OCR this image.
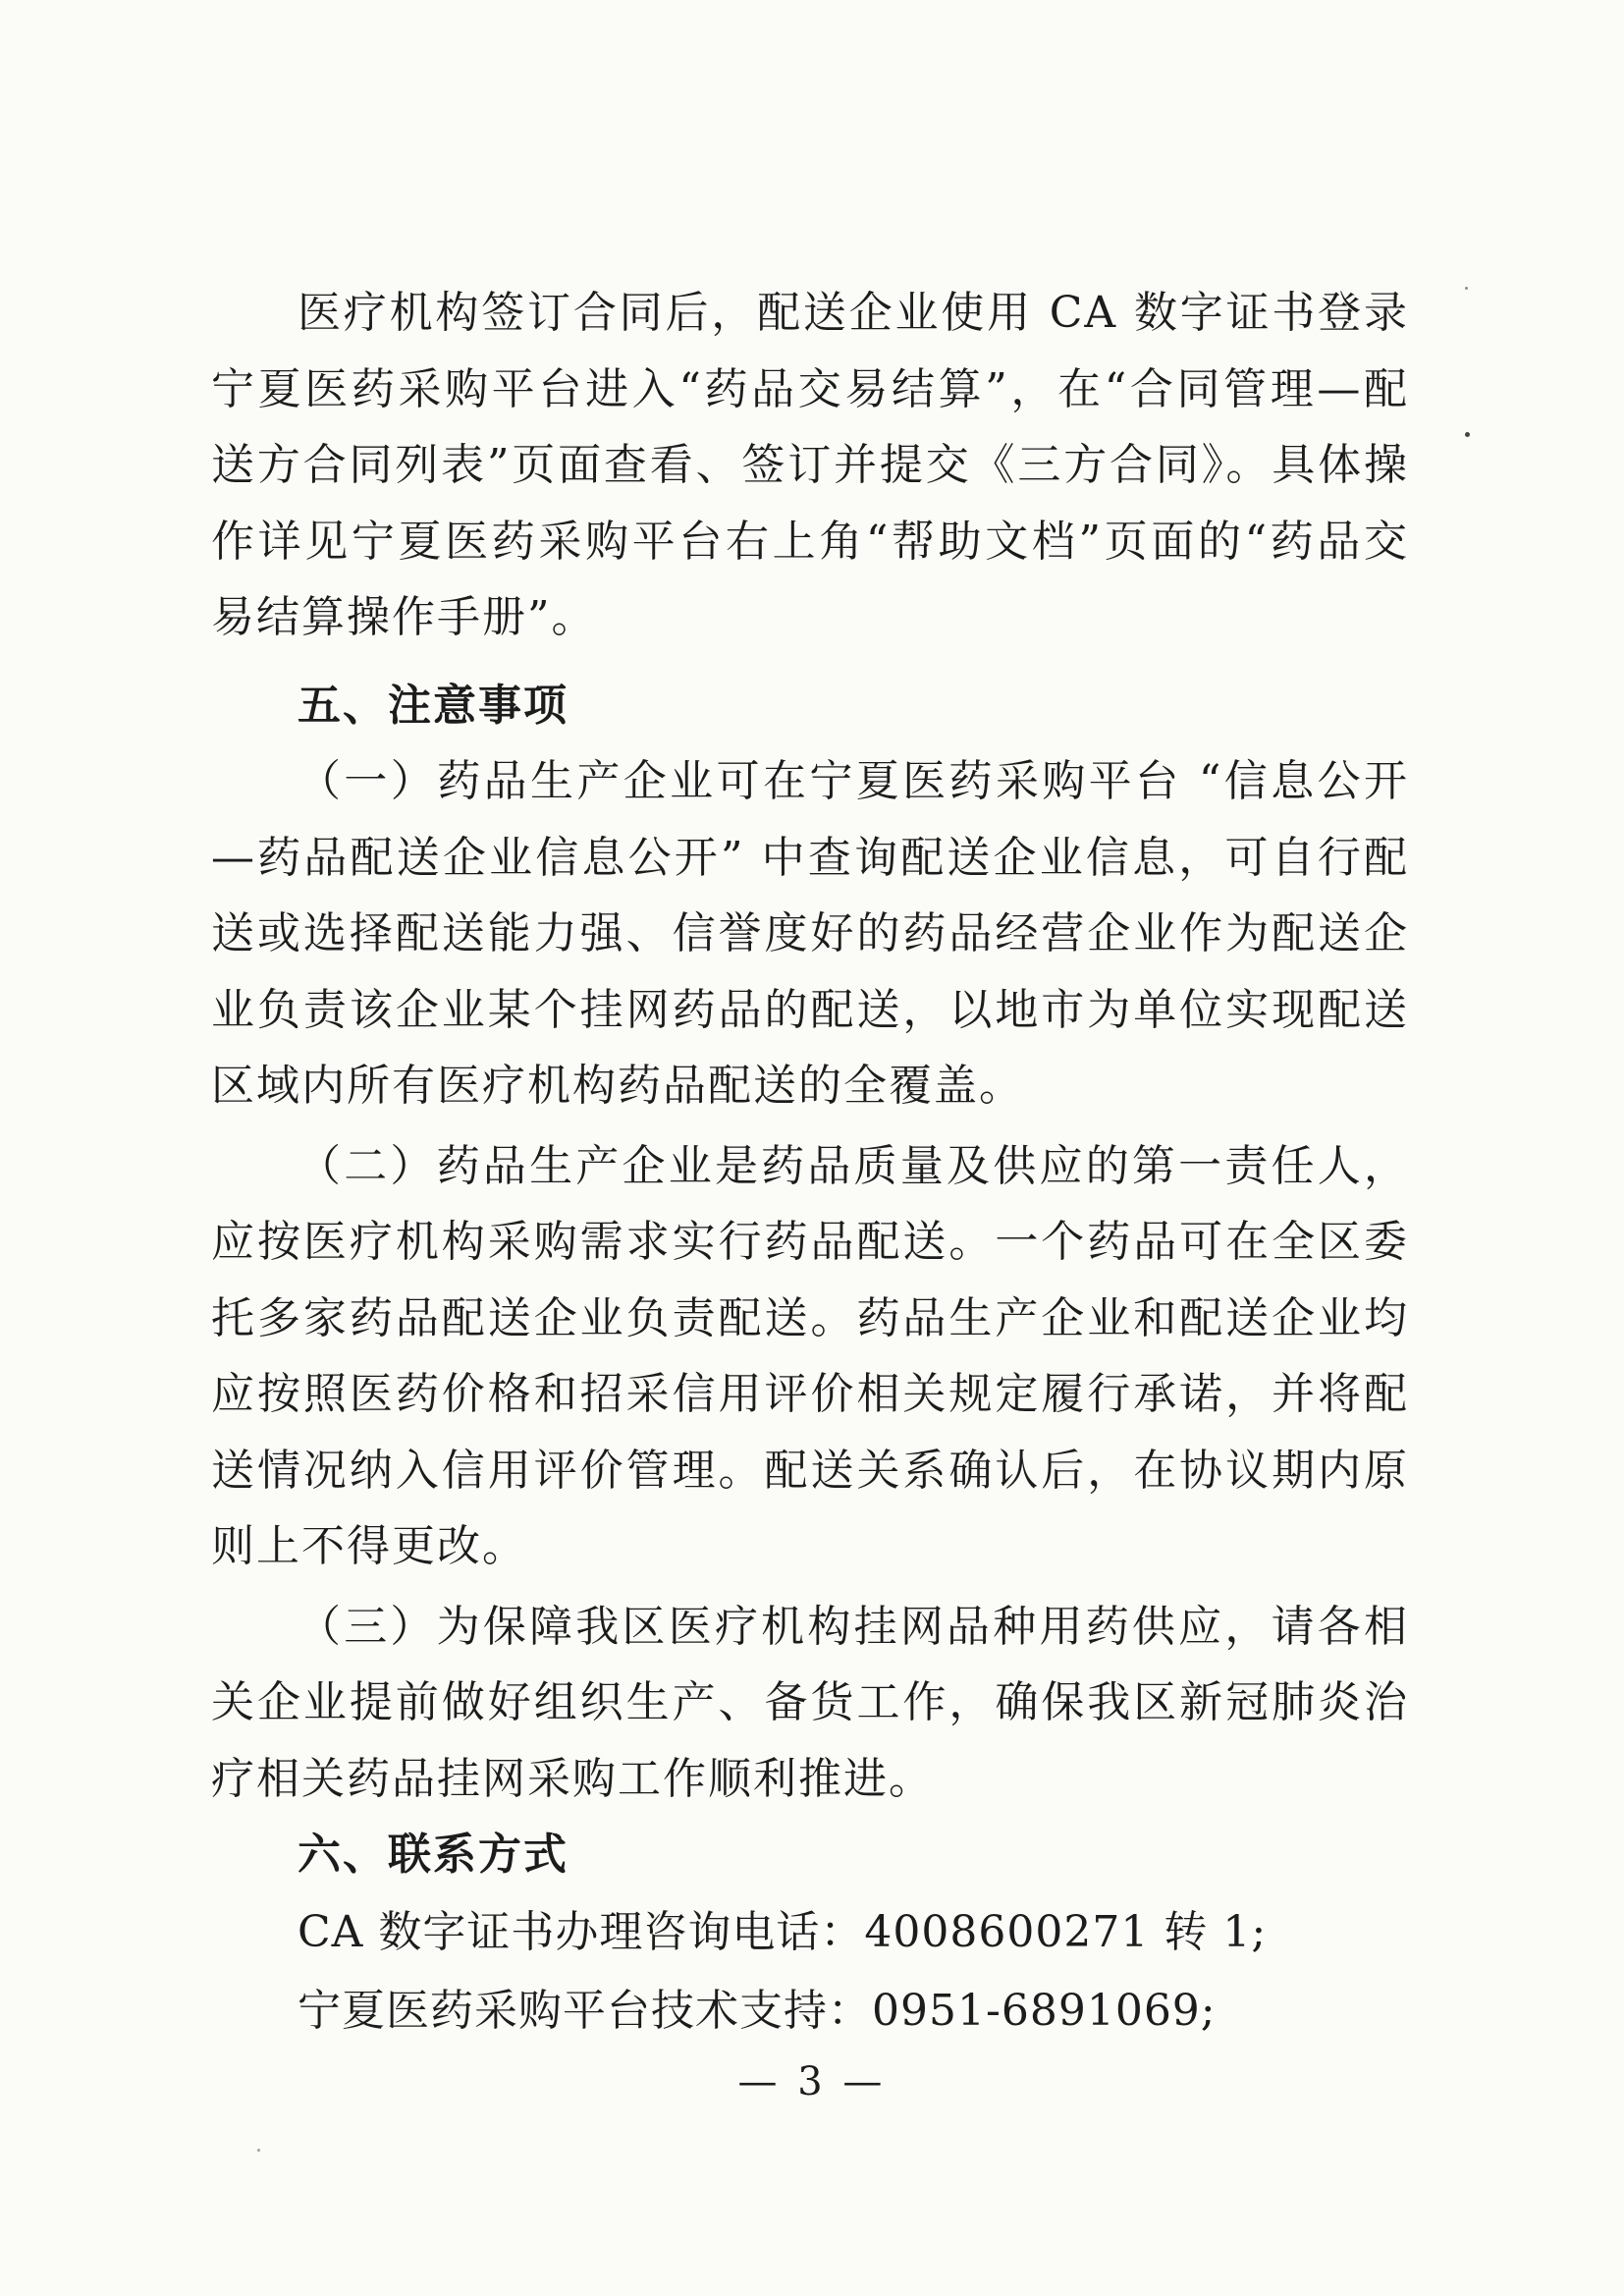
医疗机构签订合同后，配送企业使用 CA 数字证书登录宁夏医药采购平台进入“药品交易结算”，在“合同管理—配送方合同列表”页面查看、签订并提交《三方合同》。具体操作详见宁夏医药采购平台右上角“帮助文档”页面的“药品交易结算操作手册”。

五、注意事项

（一）药品生产企业可在宁夏医药采购平台 “信息公开—药品配送企业信息公开” 中查询配送企业信息，可自行配送或选择配送能力强、信誉度好的药品经营企业作为配送企业负责该企业某个挂网药品的配送，以地市为单位实现配送区域内所有医疗机构药品配送的全覆盖。

（二）药品生产企业是药品质量及供应的第一责任人，应按医疗机构采购需求实行药品配送。一个药品可在全区委托多家药品配送企业负责配送。药品生产企业和配送企业均应按照医药价格和招采信用评价相关规定履行承诺，并将配送情况纳入信用评价管理。配送关系确认后，在协议期内原则上不得更改。

（三）为保障我区医疗机构挂网品种用药供应，请各相关企业提前做好组织生产、备货工作，确保我区新冠肺炎治疗相关药品挂网采购工作顺利推进。

六、联系方式

CA 数字证书办理咨询电话：4008600271 转 1;

宁夏医药采购平台技术支持：0951-6891069;

— 3 —
